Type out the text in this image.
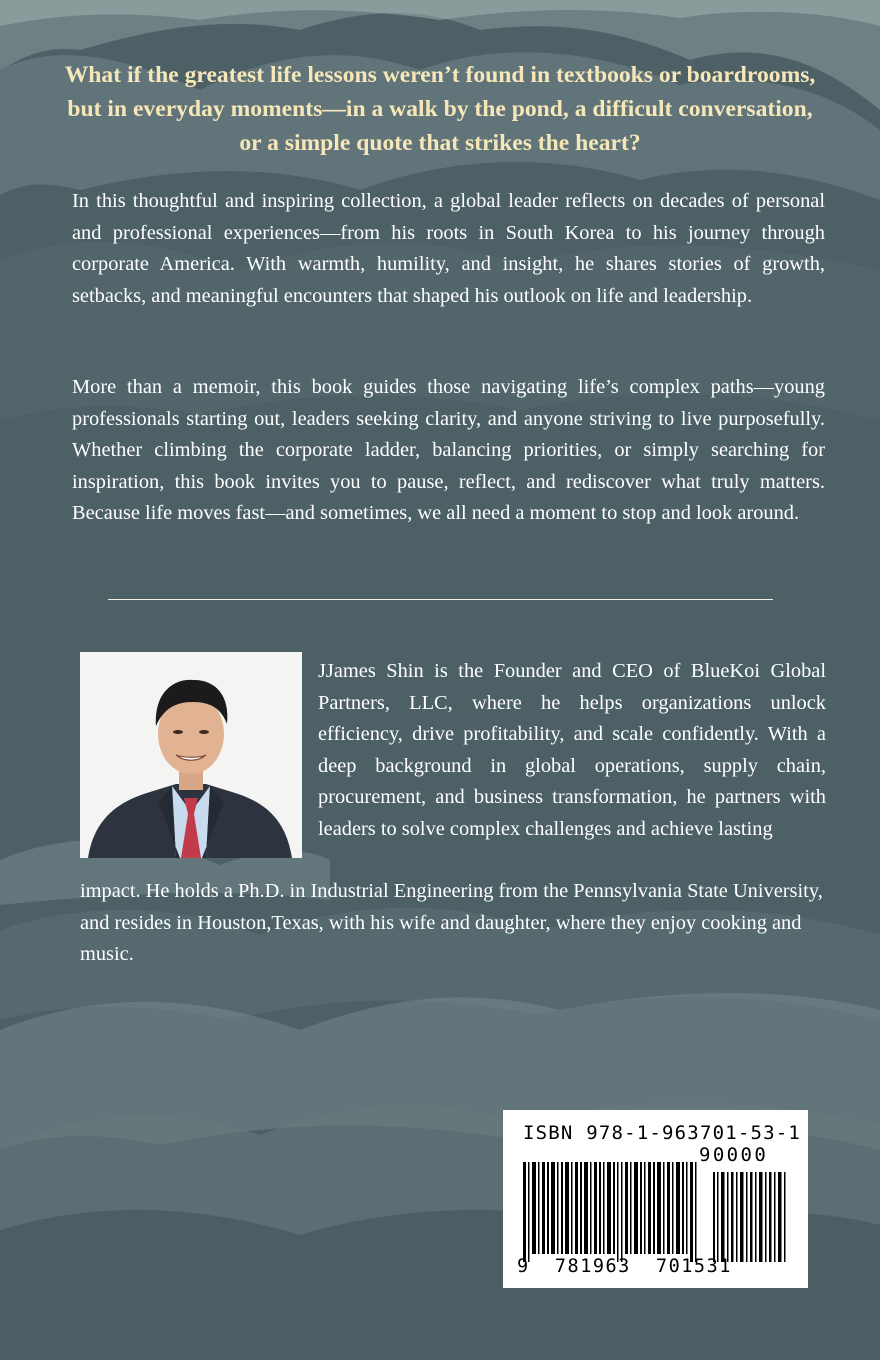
What if the greatest life lessons weren’t found in textbooks or boardrooms, but in everyday moments—in a walk by the pond, a difficult conversation, or a simple quote that strikes the heart?

In this thoughtful and inspiring collection, a global leader reflects on decades of personal and professional experiences—from his roots in South Korea to his journey through corporate America. With warmth, humility, and insight, he shares stories of growth, setbacks, and meaningful encounters that shaped his outlook on life and leadership.

More than a memoir, this book guides those navigating life’s complex paths—young professionals starting out, leaders seeking clarity, and anyone striving to live purposefully. Whether climbing the corporate ladder, balancing priorities, or simply searching for inspiration, this book invites you to pause, reflect, and rediscover what truly matters. Because life moves fast—and sometimes, we all need a moment to stop and look around.

JJames Shin is the Founder and CEO of BlueKoi Global Partners, LLC, where he helps organizations unlock efficiency, drive profitability, and scale confidently. With a deep background in global operations, supply chain, procurement, and business transformation, he partners with leaders to solve complex challenges and achieve lasting

impact. He holds a Ph.D. in Industrial Engineering from the Pennsylvania State University, and resides in Houston,Texas, with his wife and daughter, where they enjoy cooking and music.

ISBN 978-1-963701-53-1
90000
9  781963  701531
